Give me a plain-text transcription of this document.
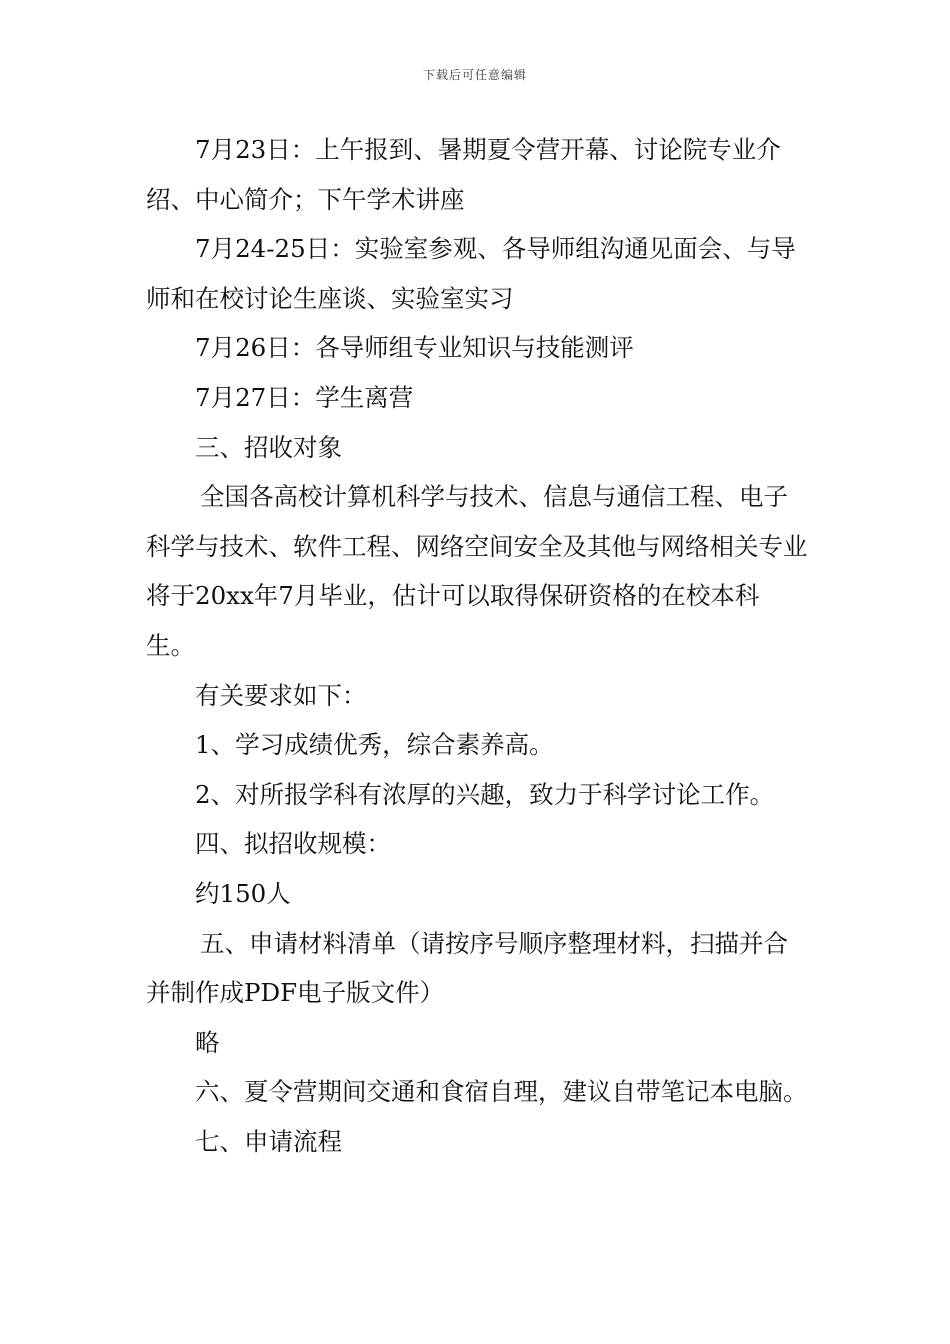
下载后可任意编辑

7月23日：上午报到、暑期夏令营开幕、讨论院专业介绍、中心简介；下午学术讲座

7月24-25日：实验室参观、各导师组沟通见面会、与导师和在校讨论生座谈、实验室实习

7月26日：各导师组专业知识与技能测评

7月27日：学生离营

三、招收对象

全国各高校计算机科学与技术、信息与通信工程、电子科学与技术、软件工程、网络空间安全及其他与网络相关专业将于20xx年7月毕业，估计可以取得保研资格的在校本科生。

有关要求如下：

1、学习成绩优秀，综合素养高。

2、对所报学科有浓厚的兴趣，致力于科学讨论工作。

四、拟招收规模：

约150人

五、申请材料清单（请按序号顺序整理材料，扫描并合并制作成PDF电子版文件）

略

六、夏令营期间交通和食宿自理，建议自带笔记本电脑。

七、申请流程
